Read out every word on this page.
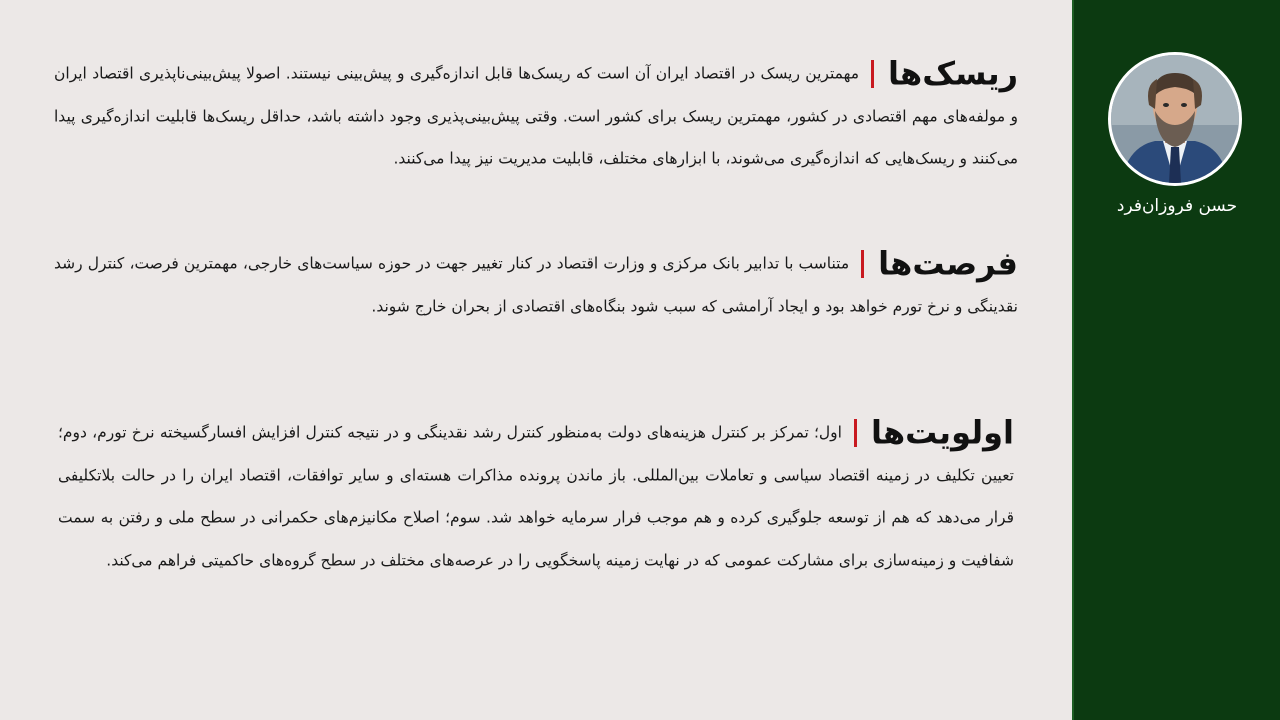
ریسک‌هامهمترین ریسک در اقتصاد ایران آن است که ریسک‌ها قابل اندازه‌گیری و پیش‌بینی نیستند. اصولا پیش‌بینی‌ناپذیری اقتصاد ایران و مولفه‌های مهم اقتصادی در کشور، مهمترین ریسک برای کشور است. وقتی پیش‌بینی‌پذیری وجود داشته باشد، حداقل ریسک‌ها قابلیت اندازه‌گیری پیدا می‌کنند و ریسک‌هایی که اندازه‌گیری می‌شوند، با ابزارهای مختلف، قابلیت مدیریت نیز پیدا می‌کنند.
فرصت‌هامتناسب با تدابیر بانک مرکزی و وزارت اقتصاد در کنار تغییر جهت در حوزه سیاست‌های خارجی، مهمترین فرصت، کنترل رشد نقدینگی و نرخ تورم خواهد بود و ایجاد آرامشی که سبب شود بنگاه‌های اقتصادی از بحران خارج شوند.
اولویت‌هااول؛ تمرکز بر کنترل هزینه‌های دولت به‌منظور کنترل رشد نقدینگی و در نتیجه کنترل افزایش افسارگسیخته نرخ تورم، دوم؛ تعیین تکلیف در زمینه اقتصاد سیاسی و تعاملات بین‌المللی. باز ماندن پرونده مذاکرات هسته‌ای و سایر توافقات، اقتصاد ایران را در حالت بلاتکلیفی قرار می‌دهد که هم از توسعه جلوگیری کرده و هم موجب فرار سرمایه خواهد شد. سوم؛ اصلاح مکانیزم‌های حکمرانی در سطح ملی و رفتن به سمت شفافیت و زمینه‌سازی برای مشارکت عمومی که در نهایت زمینه پاسخگویی را در عرصه‌های مختلف در سطح گروه‌های حاکمیتی فراهم می‌کند.
حسن فروزان‌فرد
